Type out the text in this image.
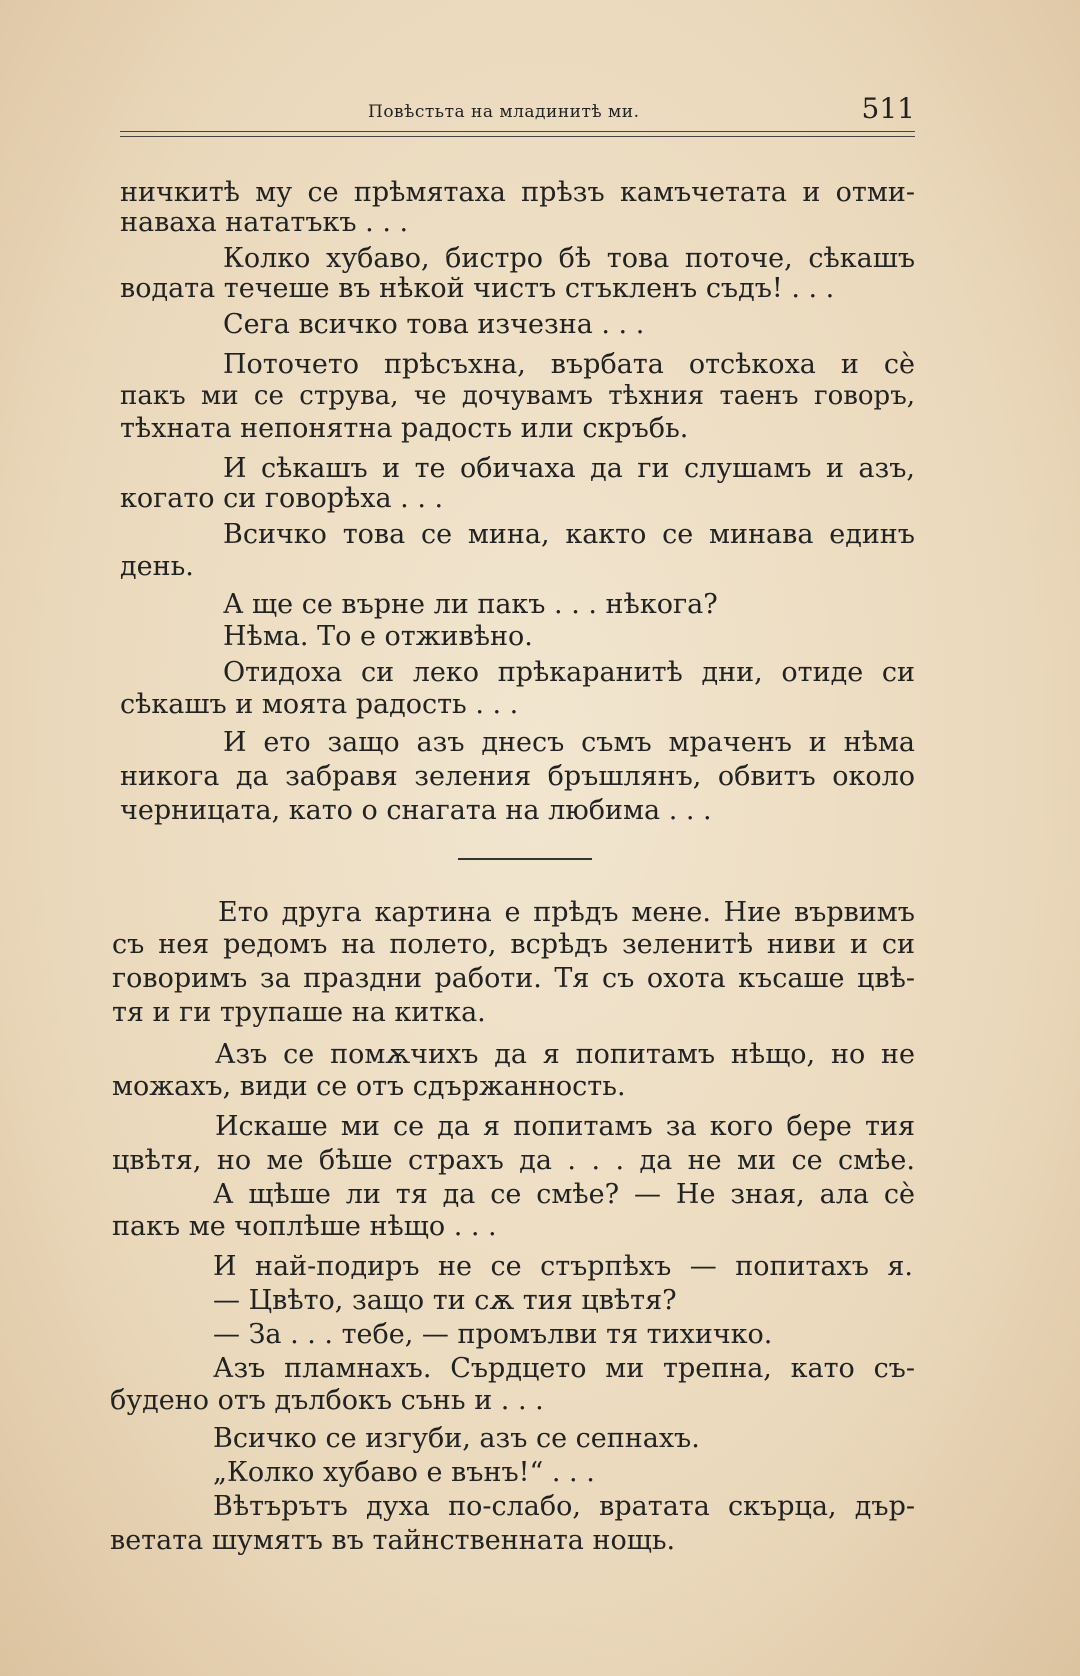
Повѣстьта на младинитѣ ми.	511
ничкитѣ му се прѣмятаха прѣзъ камъчетата и отми-
наваха нататъкъ . . .
Колко хубаво, бистро бѣ това поточе, сѣкашъ
водата течеше въ нѣкой чистъ стъкленъ съдъ! . . .
Сега всичко това изчезна . . .
Поточето прѣсъхна, върбата отсѣкоха и сè
пакъ ми се струва, че дочувамъ тѣхния таенъ говоръ,
тѣхната непонятна радость или скръбь.
И сѣкашъ и те обичаха да ги слушамъ и азъ,
когато си говорѣха . . .
Всичко това се мина, както се минава единъ
день.
А ще се върне ли пакъ . . . нѣкога?
Нѣма. То е отживѣно.
Отидоха си леко прѣкаранитѣ дни, отиде си
сѣкашъ и моята радость . . .
И ето защо азъ днесъ съмъ мраченъ и нѣма
никога да забравя зеления бръшлянъ, обвитъ около
черницата, като о снагата на любима . . .
Ето друга картина е прѣдъ мене. Ние вървимъ
съ нея редомъ на полето, всрѣдъ зеленитѣ ниви и си
говоримъ за праздни работи. Тя съ охота късаше цвѣ-
тя и ги трупаше на китка.
Азъ се помѫчихъ да я попитамъ нѣщо, но не
можахъ, види се отъ сдържанность.
Искаше ми се да я попитамъ за кого бере тия
цвѣтя, но ме бѣше страхъ да . . . да не ми се смѣе.
А щѣше ли тя да се смѣе? — Не зная, ала сè
пакъ ме чоплѣше нѣщо . . .
И най-подиръ не се стърпѣхъ — попитахъ я.
— Цвѣто, защо ти сѫ тия цвѣтя?
— За . . . тебе, — промълви тя тихичко.
Азъ пламнахъ. Сърдцето ми трепна, като съ-
будено отъ дълбокъ сънь и . . .
Всичко се изгуби, азъ се сепнахъ.
„Колко хубаво е вънъ!“ . . .
Вѣтърътъ духа по-слабо, вратата скърца, дър-
ветата шумятъ въ тайнственната нощь.
